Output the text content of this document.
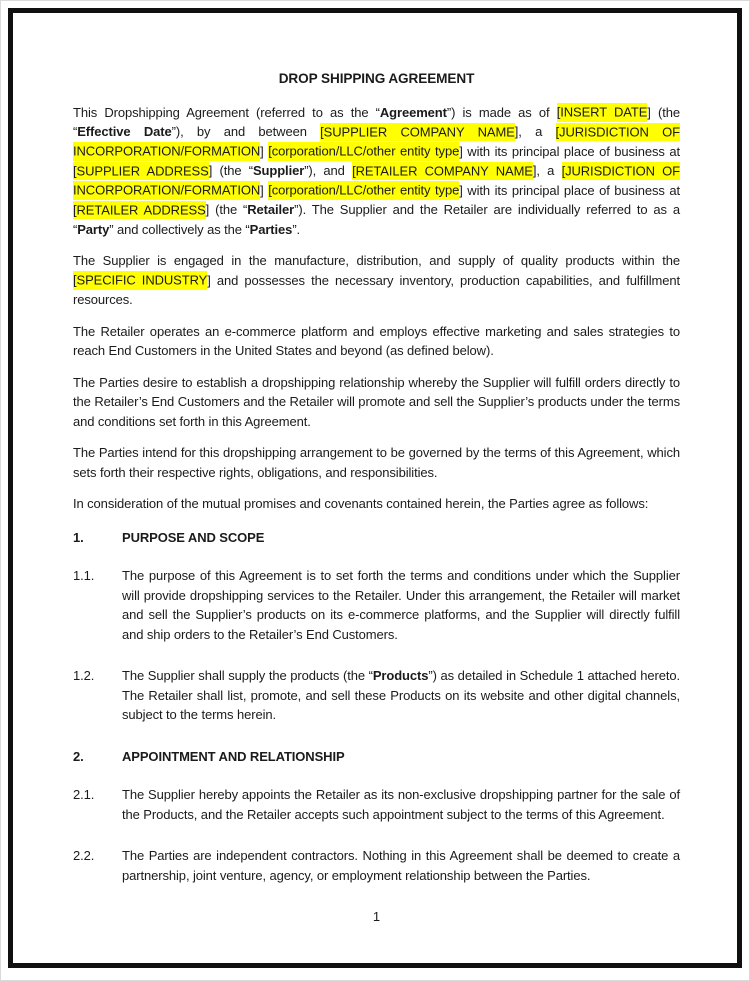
DROP SHIPPING AGREEMENT
This Dropshipping Agreement (referred to as the “Agreement”) is made as of [INSERT DATE] (the “Effective Date”), by and between [SUPPLIER COMPANY NAME], a [JURISDICTION OF INCORPORATION/FORMATION] [corporation/LLC/other entity type] with its principal place of business at [SUPPLIER ADDRESS] (the “Supplier”), and [RETAILER COMPANY NAME], a [JURISDICTION OF INCORPORATION/FORMATION] [corporation/LLC/other entity type] with its principal place of business at [RETAILER ADDRESS] (the “Retailer”). The Supplier and the Retailer are individually referred to as a “Party” and collectively as the “Parties”.
The Supplier is engaged in the manufacture, distribution, and supply of quality products within the [SPECIFIC INDUSTRY] and possesses the necessary inventory, production capabilities, and fulfillment resources.
The Retailer operates an e-commerce platform and employs effective marketing and sales strategies to reach End Customers in the United States and beyond (as defined below).
The Parties desire to establish a dropshipping relationship whereby the Supplier will fulfill orders directly to the Retailer’s End Customers and the Retailer will promote and sell the Supplier’s products under the terms and conditions set forth in this Agreement.
The Parties intend for this dropshipping arrangement to be governed by the terms of this Agreement, which sets forth their respective rights, obligations, and responsibilities.
In consideration of the mutual promises and covenants contained herein, the Parties agree as follows:
1.	PURPOSE AND SCOPE
1.1.	The purpose of this Agreement is to set forth the terms and conditions under which the Supplier will provide dropshipping services to the Retailer. Under this arrangement, the Retailer will market and sell the Supplier’s products on its e-commerce platforms, and the Supplier will directly fulfill and ship orders to the Retailer’s End Customers.
1.2.	The Supplier shall supply the products (the “Products”) as detailed in Schedule 1 attached hereto. The Retailer shall list, promote, and sell these Products on its website and other digital channels, subject to the terms herein.
2.	APPOINTMENT AND RELATIONSHIP
2.1.	The Supplier hereby appoints the Retailer as its non-exclusive dropshipping partner for the sale of the Products, and the Retailer accepts such appointment subject to the terms of this Agreement.
2.2.	The Parties are independent contractors. Nothing in this Agreement shall be deemed to create a partnership, joint venture, agency, or employment relationship between the Parties.
1
